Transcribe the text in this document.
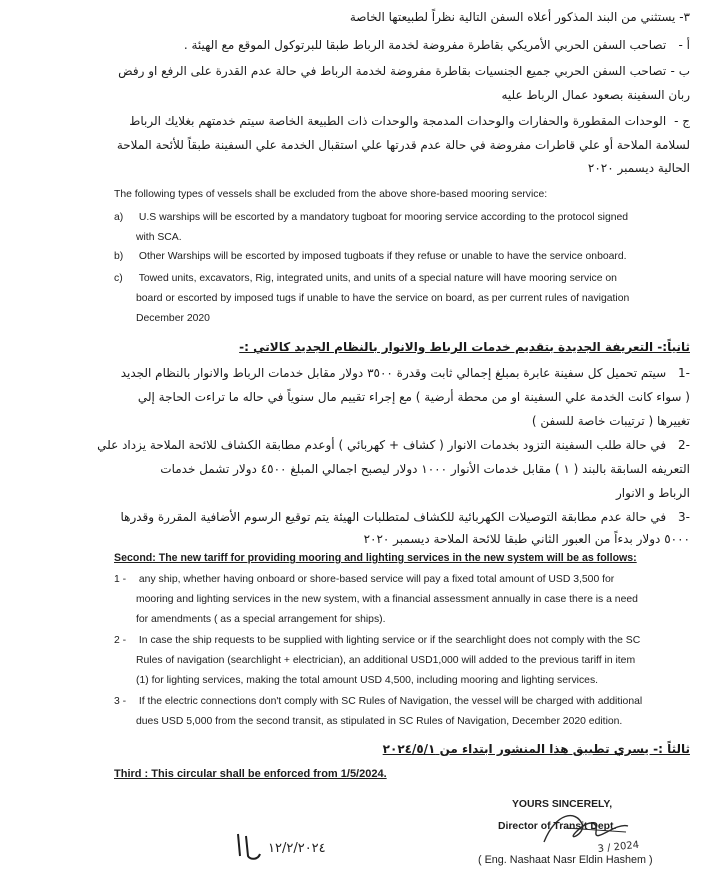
٣- يستثني من البند المذكور أعلاه السفن التالية نظراً لطبيعتها الخاصة
أ - تصاحب السفن الحربي الأمريكي بقاطرة مفروضة لخدمة الرباط طبقا للبرتوكول الموقع مع الهيئة .
ب - تصاحب السفن الحربي جميع الجنسيات بقاطرة مفروضة لخدمة الرباط في حالة عدم القدرة على الرفع او رفض
ربان السفينة بصعود عمال الرباط عليه
ج - الوحدات المقطورة والحفارات والوحدات المدمجة والوحدات ذات الطبيعة الخاصة سيتم خدمتهم بغلايك الرباط
لسلامة الملاحة أو علي قاطرات مفروضة في حالة عدم قدرتها علي استقبال الخدمة علي السفينة طبقاً للأئحة الملاحة
الحالية ديسمبر ٢٠٢٠
The following types of vessels shall be excluded from the above shore-based mooring service:
a) U.S warships will be escorted by a mandatory tugboat for mooring service according to the protocol signed
with SCA.
b) Other Warships will be escorted by imposed tugboats if they refuse or unable to have the service onboard.
c) Towed units, excavators, Rig, integrated units, and units of a special nature will have mooring service on
board or escorted by imposed tugs if unable to have the service on board, as per current rules of navigation
December 2020
ثانياً:- التعريفة الجديدة بتقديم خدمات الرباط والانوار بالنظام الجديد كالاتي :-
-1 سيتم تحميل كل سفينة عابرة بمبلغ إجمالي ثابت وقدرة ٣٥٠٠ دولار مقابل خدمات الرباط والانوار بالنظام الجديد
( سواء كانت الخدمة علي السفينة او من محطة أرضية ) مع إجراء تقييم مال سنوياً في حاله ما تراءت الحاجة إلي
تغييرها ( ترتيبات خاصة للسفن )
-2 في حالة طلب السفينة التزود بخدمات الانوار ( كشاف + كهربائي ) أوعدم مطابقة الكشاف للائحة الملاحة يزداد علي
التعريفه السابقة بالبند ( ١ ) مقابل خدمات الأنوار ١٠٠٠ دولار ليصبح اجمالي المبلغ ٤٥٠٠ دولار تشمل خدمات
الرباط و الانوار
-3 في حالة عدم مطابقة التوصيلات الكهربائية للكشاف لمتطلبات الهيئة يتم توقيع الرسوم الأضافية المقررة وقدرها
٥٠٠٠ دولار بدءاً من العبور الثاني طبقا للائحة الملاحة ديسمبر ٢٠٢٠
Second: The new tariff for providing mooring and lighting services in the new system will be as follows:
1 - any ship, whether having onboard or shore-based service will pay a fixed total amount of USD 3,500 for
mooring and lighting services in the new system, with a financial assessment annually in case there is a need
for amendments ( as a special arrangement for ships).
2 - In case the ship requests to be supplied with lighting service or if the searchlight does not comply with the SC
Rules of navigation (searchlight + electrician), an additional USD1,000 will added to the previous tariff in item
(1) for lighting services, making the total amount USD 4,500, including mooring and lighting services.
3 - If the electric connections don't comply with SC Rules of Navigation, the vessel will be charged with additional
dues USD 5,000 from the second transit, as stipulated in SC Rules of Navigation, December 2020 edition.
ثالثاً :- يسري تطبيق هذا المنشور ابتداء من ٢٠٢٤/٥/١
Third : This circular shall be enforced from 1/5/2024.
YOURS SINCERELY,
Director of Transit Dept.
3 / 2024
( Eng. Nashaat Nasr Eldin Hashem )
١٢/٢/٢٠٢٤
